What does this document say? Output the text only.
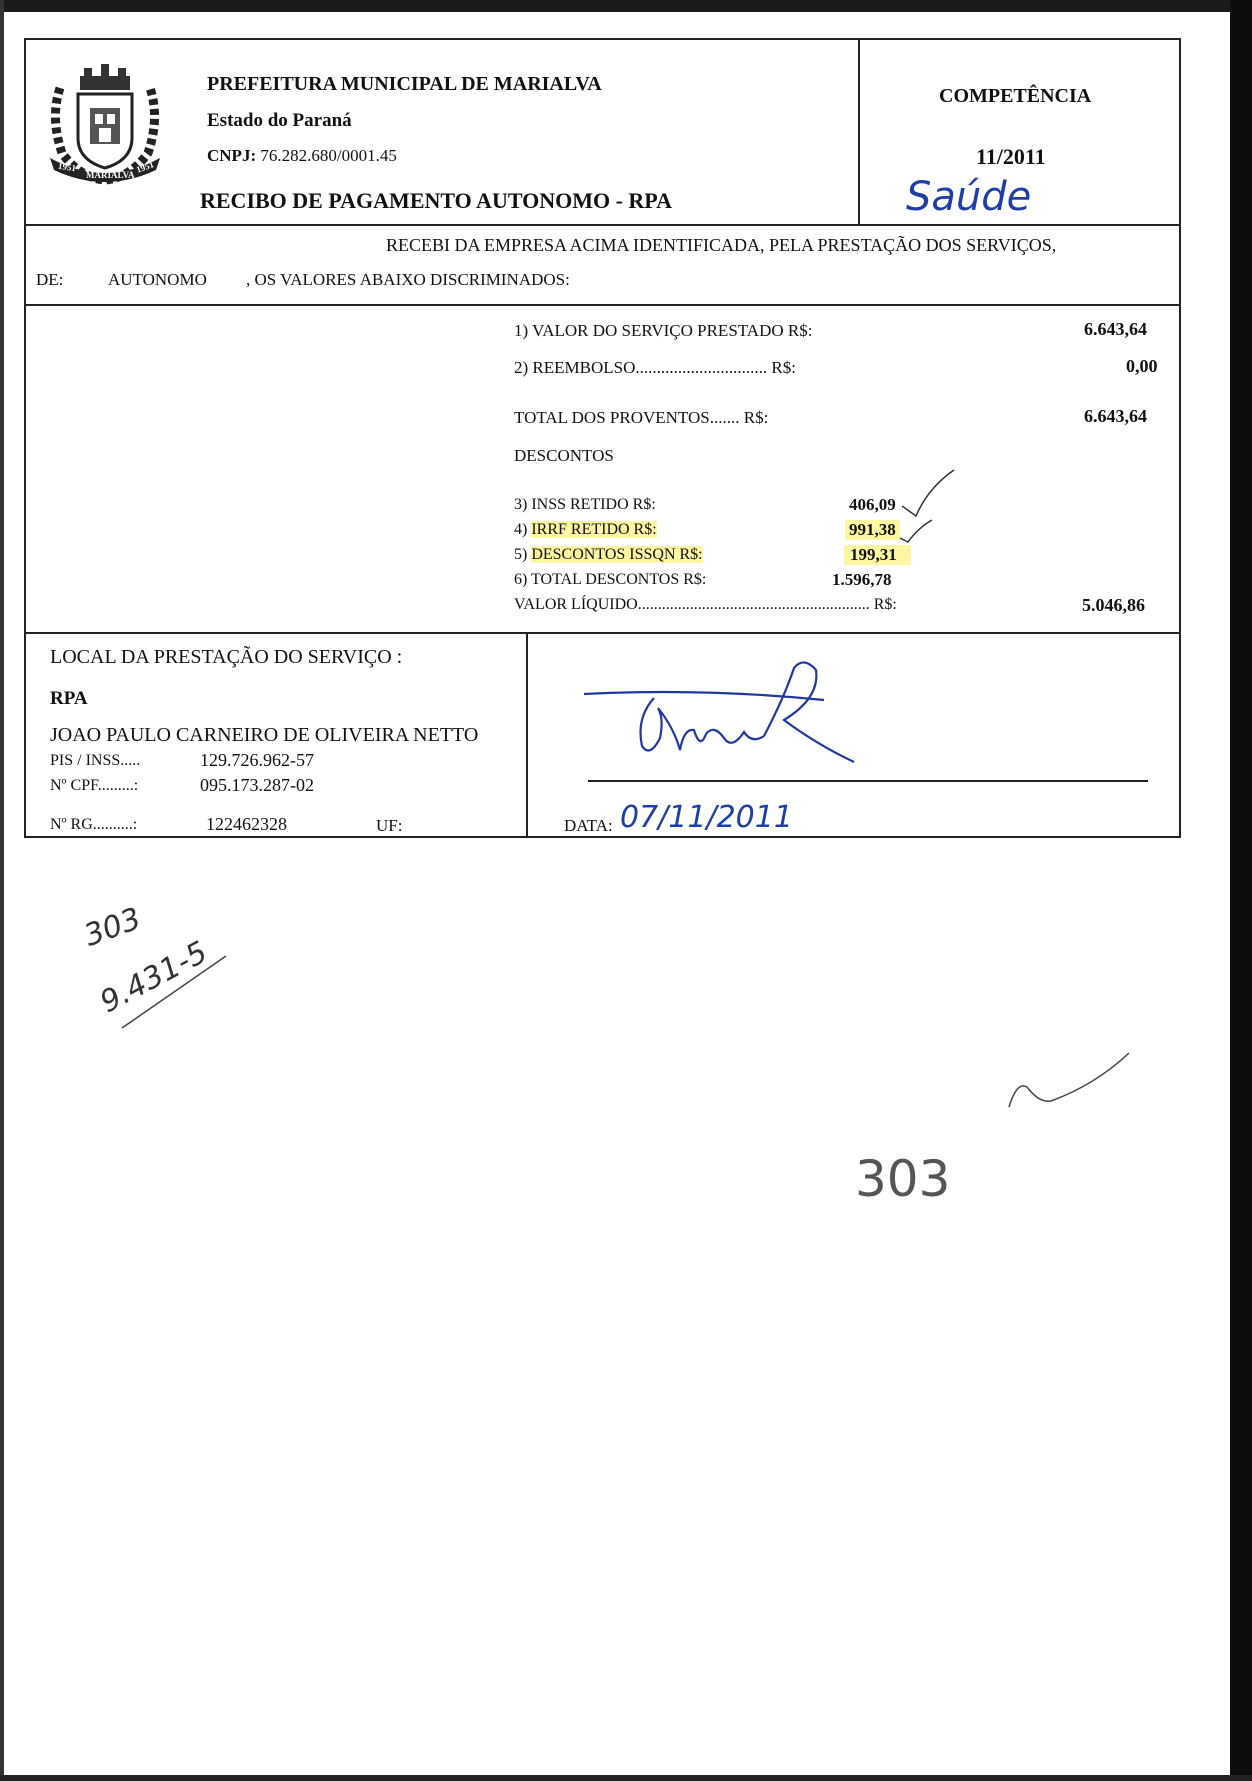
1951
MARIALVA
1951
PREFEITURA MUNICIPAL DE MARIALVA
Estado do Paraná
CNPJ: 76.282.680/0001.45
RECIBO DE PAGAMENTO AUTONOMO - RPA
COMPETÊNCIA
11/2011
Saúde
RECEBI DA EMPRESA ACIMA IDENTIFICADA, PELA PRESTAÇÃO DOS SERVIÇOS,
DE:	AUTONOMO , OS VALORES ABAIXO DISCRIMINADOS:
1) VALOR DO SERVIÇO PRESTADO R$:	6.643,64
2) REEMBOLSO............................... R$:	0,00
TOTAL DOS PROVENTOS....... R$:	6.643,64
DESCONTOS
3) INSS RETIDO R$:	406,09
4) IRRF RETIDO R$:	991,38
5) DESCONTOS ISSQN R$:	199,31
6) TOTAL DESCONTOS R$:	1.596,78
VALOR LÍQUIDO.......................................................... R$:	5.046,86
LOCAL DA PRESTAÇÃO DO SERVIÇO :
RPA
JOAO PAULO CARNEIRO DE OLIVEIRA NETTO
PIS / INSS.....	129.726.962-57
Nº CPF.........:	095.173.287-02
Nº RG..........:	122462328	UF:	DATA: 07/11/2011
303
9.431-5
303
